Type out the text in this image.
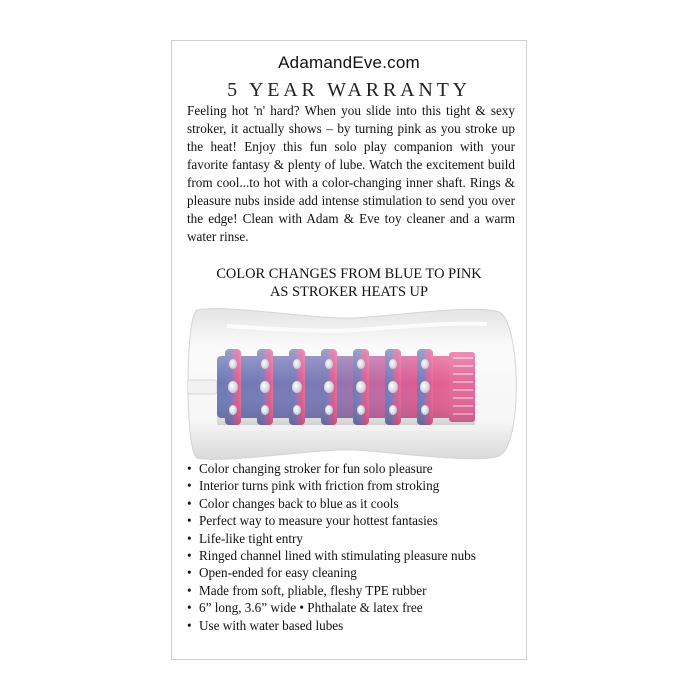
AdamandEve.com
5 YEAR WARRANTY
Feeling hot 'n' hard? When you slide into this tight & sexy stroker, it actually shows – by turning pink as you stroke up the heat! Enjoy this fun solo play companion with your favorite fantasy & plenty of lube. Watch the excitement build from cool...to hot with a color-changing inner shaft. Rings & pleasure nubs inside add intense stimulation to send you over the edge! Clean with Adam & Eve toy cleaner and a warm water rinse.
COLOR CHANGES FROM BLUE TO PINK
AS STROKER HEATS UP
• Color changing stroker for fun solo pleasure
• Interior turns pink with friction from stroking
• Color changes back to blue as it cools
• Perfect way to measure your hottest fantasies
• Life-like tight entry
• Ringed channel lined with stimulating pleasure nubs
• Open-ended for easy cleaning
• Made from soft, pliable, fleshy TPE rubber
• 6” long, 3.6” wide • Phthalate & latex free
• Use with water based lubes
